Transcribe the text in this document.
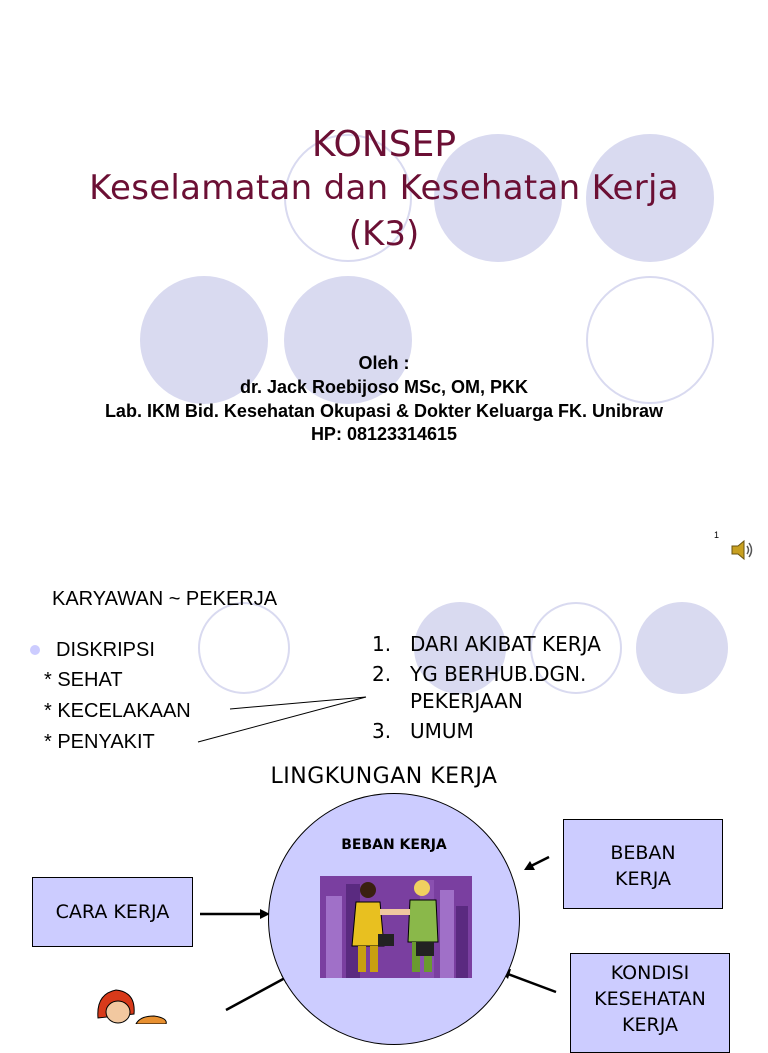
KONSEP
Keselamatan dan Kesehatan Kerja
(K3)
Oleh :
dr. Jack Roebijoso MSc, OM, PKK
Lab. IKM Bid. Kesehatan Okupasi & Dokter Keluarga FK. Unibraw
HP: 08123314615
1
KARYAWAN ~ PEKERJA
DISKRIPSI
* SEHAT
* KECELAKAAN
* PENYAKIT
1. DARI AKIBAT KERJA
2. YG BERHUB.DGN.
PEKERJAAN
3. UMUM
LINGKUNGAN KERJA
BEBAN KERJA
CARA KERJA
BEBAN
KERJA
KONDISI
KESEHATAN
KERJA
